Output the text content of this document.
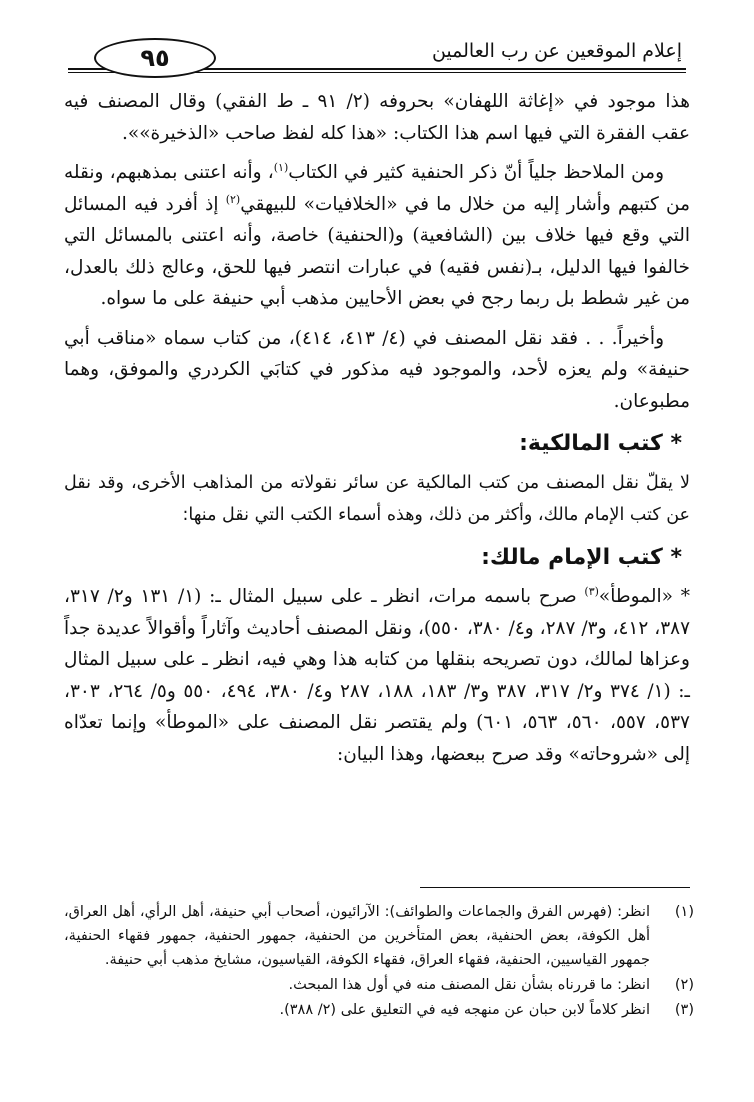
إعلام الموقعين عن رب العالمين
٩٥

هذا موجود في «إغاثة اللهفان» بحروفه (٢/ ٩١ ـ ط الفقي) وقال المصنف فيه عقب الفقرة التي فيها اسم هذا الكتاب: «هذا كله لفظ صاحب «الذخيرة»».

ومن الملاحظ جلياً أنّ ذكر الحنفية كثير في الكتاب$^{(١)}$، وأنه اعتنى بمذهبهم، ونقله من كتبهم وأشار إليه من خلال ما في «الخلافيات» للبيهقي$^{(٢)}$ إذ أفرد فيه المسائل التي وقع فيها خلاف بين (الشافعية) و(الحنفية) خاصة، وأنه اعتنى بالمسائل التي خالفوا فيها الدليل، بـ(نفس فقيه) في عبارات انتصر فيها للحق، وعالج ذلك بالعدل، من غير شطط بل ربما رجح في بعض الأحايين مذهب أبي حنيفة على ما سواه.

وأخيراً. . . فقد نقل المصنف في (٤/ ٤١٣، ٤١٤)، من كتاب سماه «مناقب أبي حنيفة» ولم يعزه لأحد، والموجود فيه مذكور في كتابَي الكردري والموفق، وهما مطبوعان.

* كتب المالكية:

لا يقلّ نقل المصنف من كتب المالكية عن سائر نقولاته من المذاهب الأخرى، وقد نقل عن كتب الإمام مالك، وأكثر من ذلك، وهذه أسماء الكتب التي نقل منها:

* كتب الإمام مالك:

* «الموطأ»$^{(٣)}$ صرح باسمه مرات، انظر ـ على سبيل المثال ـ: (١/ ١٣١ و٢/ ٣١٧، ٣٨٧، ٤١٢، و٣/ ٢٨٧، و٤/ ٣٨٠، ٥٥٠)، ونقل المصنف أحاديث وآثاراً وأقوالاً عديدة جداً وعزاها لمالك، دون تصريحه بنقلها من كتابه هذا وهي فيه، انظر ـ على سبيل المثال ـ: (١/ ٣٧٤ و٢/ ٣١٧، ٣٨٧ و٣/ ١٨٣، ١٨٨، ٢٨٧ و٤/ ٣٨٠، ٤٩٤، ٥٥٠ و٥/ ٢٦٤، ٣٠٣، ٥٣٧، ٥٥٧، ٥٦٠، ٥٦٣، ٦٠١) ولم يقتصر نقل المصنف على «الموطأ» وإنما تعدّاه إلى «شروحاته» وقد صرح ببعضها، وهذا البيان:

(١)
انظر: (فهرس الفرق والجماعات والطوائف): الآرائيون، أصحاب أبي حنيفة، أهل الرأي، أهل العراق، أهل الكوفة، بعض الحنفية، بعض المتأخرين من الحنفية، جمهور الحنفية، جمهور فقهاء الحنفية، جمهور القياسيين، الحنفية، فقهاء العراق، فقهاء الكوفة، القياسيون، مشايخ مذهب أبي حنيفة.
(٢)
انظر: ما قررناه بشأن نقل المصنف منه في أول هذا المبحث.
(٣)
انظر كلاماً لابن حبان عن منهجه فيه في التعليق على (٢/ ٣٨٨).
